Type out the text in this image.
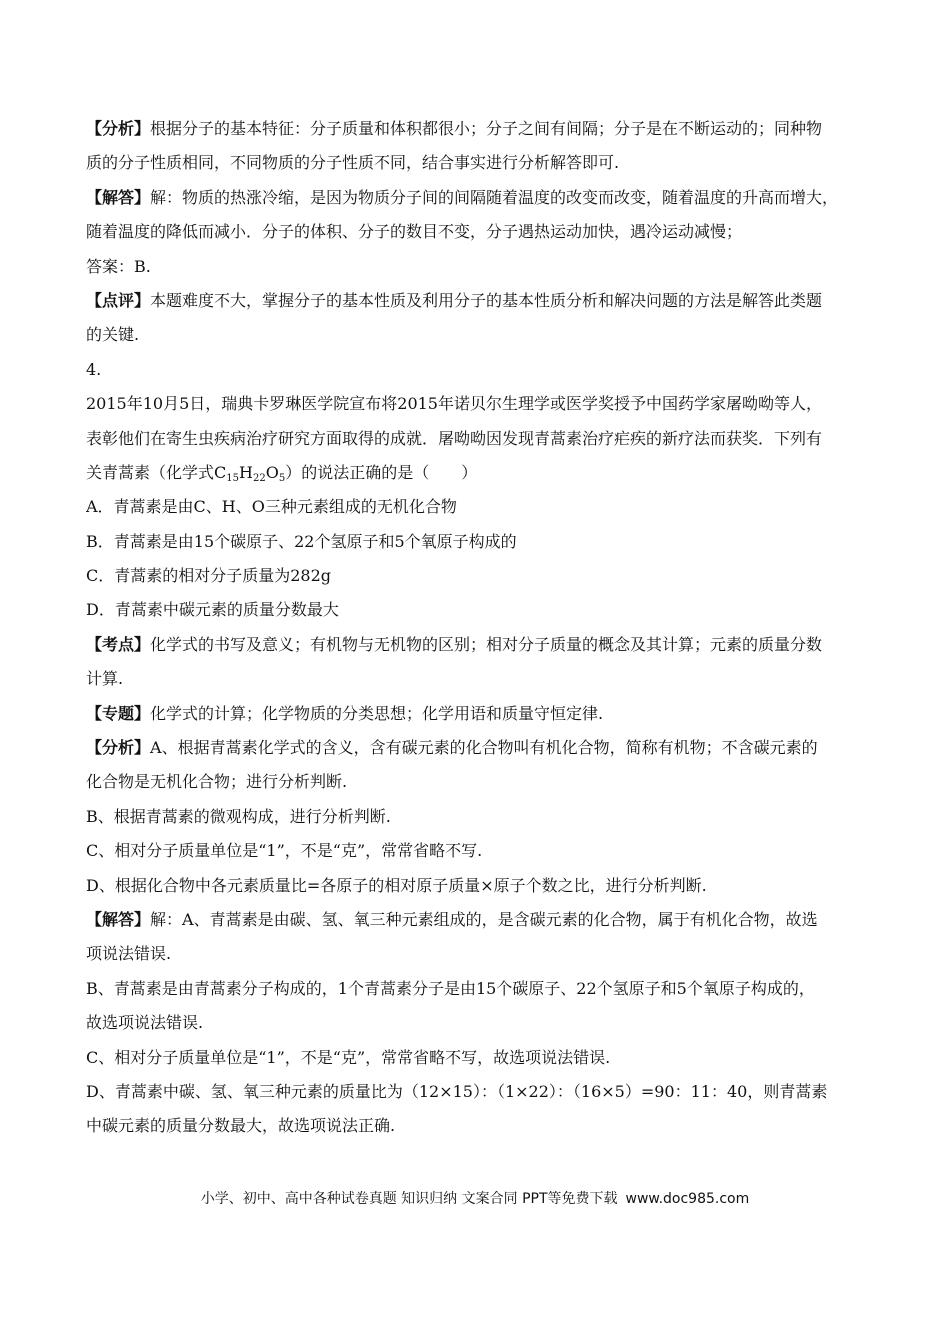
【分析】根据分子的基本特征：分子质量和体积都很小；分子之间有间隔；分子是在不断运动的；同种物
质的分子性质相同，不同物质的分子性质不同，结合事实进行分析解答即可.
【解答】解：物质的热涨冷缩，是因为物质分子间的间隔随着温度的改变而改变，随着温度的升高而增大，
随着温度的降低而减小．分子的体积、分子的数目不变，分子遇热运动加快，遇冷运动减慢；
答案：B.
【点评】本题难度不大，掌握分子的基本性质及利用分子的基本性质分析和解决问题的方法是解答此类题
的关键.
4.
2015年10月5日，瑞典卡罗琳医学院宣布将2015年诺贝尔生理学或医学奖授予中国药学家屠呦呦等人，
表彰他们在寄生虫疾病治疗研究方面取得的成就．屠呦呦因发现青蒿素治疗疟疾的新疗法而获奖．下列有
关青蒿素（化学式$C_{15}H_{22}O_5$）的说法正确的是（　　）
A．青蒿素是由C、H、O三种元素组成的无机化合物
B．青蒿素是由15个碳原子、22个氢原子和5个氧原子构成的
C．青蒿素的相对分子质量为282g
D．青蒿素中碳元素的质量分数最大
【考点】化学式的书写及意义；有机物与无机物的区别；相对分子质量的概念及其计算；元素的质量分数
计算.
【专题】化学式的计算；化学物质的分类思想；化学用语和质量守恒定律.
【分析】A、根据青蒿素化学式的含义，含有碳元素的化合物叫有机化合物，简称有机物；不含碳元素的
化合物是无机化合物；进行分析判断.
B、根据青蒿素的微观构成，进行分析判断.
C、相对分子质量单位是“1”，不是“克”，常常省略不写.
D、根据化合物中各元素质量比=各原子的相对原子质量×原子个数之比，进行分析判断.
【解答】解：A、青蒿素是由碳、氢、氧三种元素组成的，是含碳元素的化合物，属于有机化合物，故选
项说法错误.
B、青蒿素是由青蒿素分子构成的，1个青蒿素分子是由15个碳原子、22个氢原子和5个氧原子构成的，
故选项说法错误.
C、相对分子质量单位是“1”，不是“克”，常常省略不写，故选项说法错误.
D、青蒿素中碳、氢、氧三种元素的质量比为（12×15）：（1×22）：（16×5）=90：11：40，则青蒿素
中碳元素的质量分数最大，故选项说法正确.
小学、初中、高中各种试卷真题 知识归纳 文案合同 PPT等免费下载 www.doc985.com
